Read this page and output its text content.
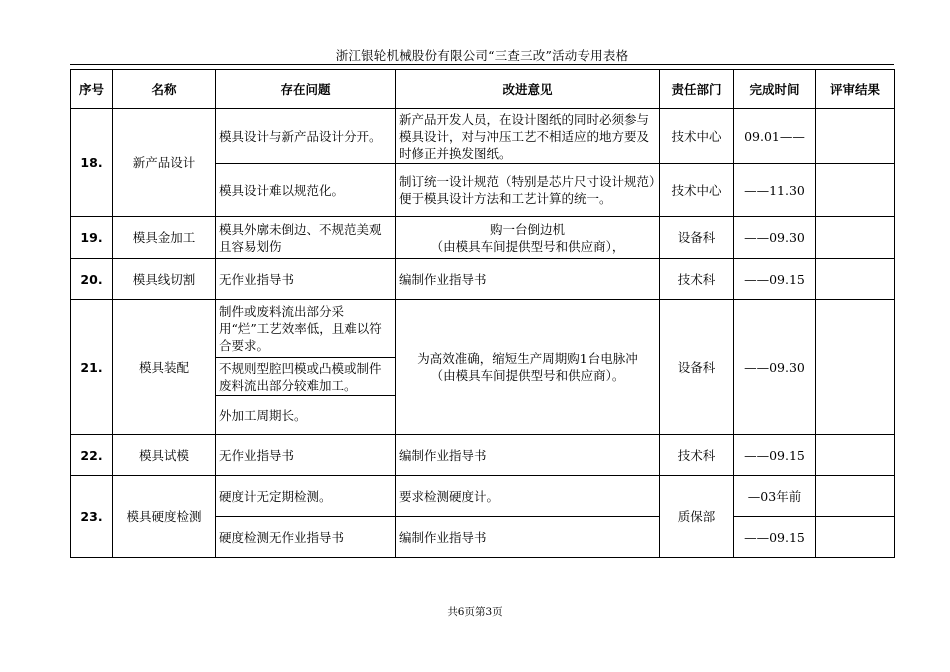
浙江银轮机械股份有限公司“三查三改”活动专用表格
序号	名称	存在问题	改进意见	责任部门	完成时间	评审结果
18.	新产品设计	模具设计与新产品设计分开。	新产品开发人员，在设计图纸的同时必须参与模具设计，对与冲压工艺不相适应的地方要及时修正并换发图纸。	技术中心	09.01——	
		模具设计难以规范化。	制订统一设计规范（特别是芯片尺寸设计规范）便于模具设计方法和工艺计算的统一。	技术中心	——11.30	
19.	模具金加工	模具外廓未倒边、不规范美观且容易划伤	购一台倒边机
（由模具车间提供型号和供应商），	设备科	——09.30	
20.	模具线切割	无作业指导书	编制作业指导书	技术科	——09.15	
21.	模具装配	制件或废料流出部分采用“烂”工艺效率低，且难以符合要求。	为高效准确，缩短生产周期购1台电脉冲
（由模具车间提供型号和供应商）。	设备科	——09.30	
		不规则型腔凹模或凸模或制件废料流出部分较难加工。				
		外加工周期长。				
22.	模具试模	无作业指导书	编制作业指导书	技术科	——09.15	
23.	模具硬度检测	硬度计无定期检测。	要求检测硬度计。	质保部	—03年前	
		硬度检测无作业指导书	编制作业指导书		——09.15	
共6页第3页
